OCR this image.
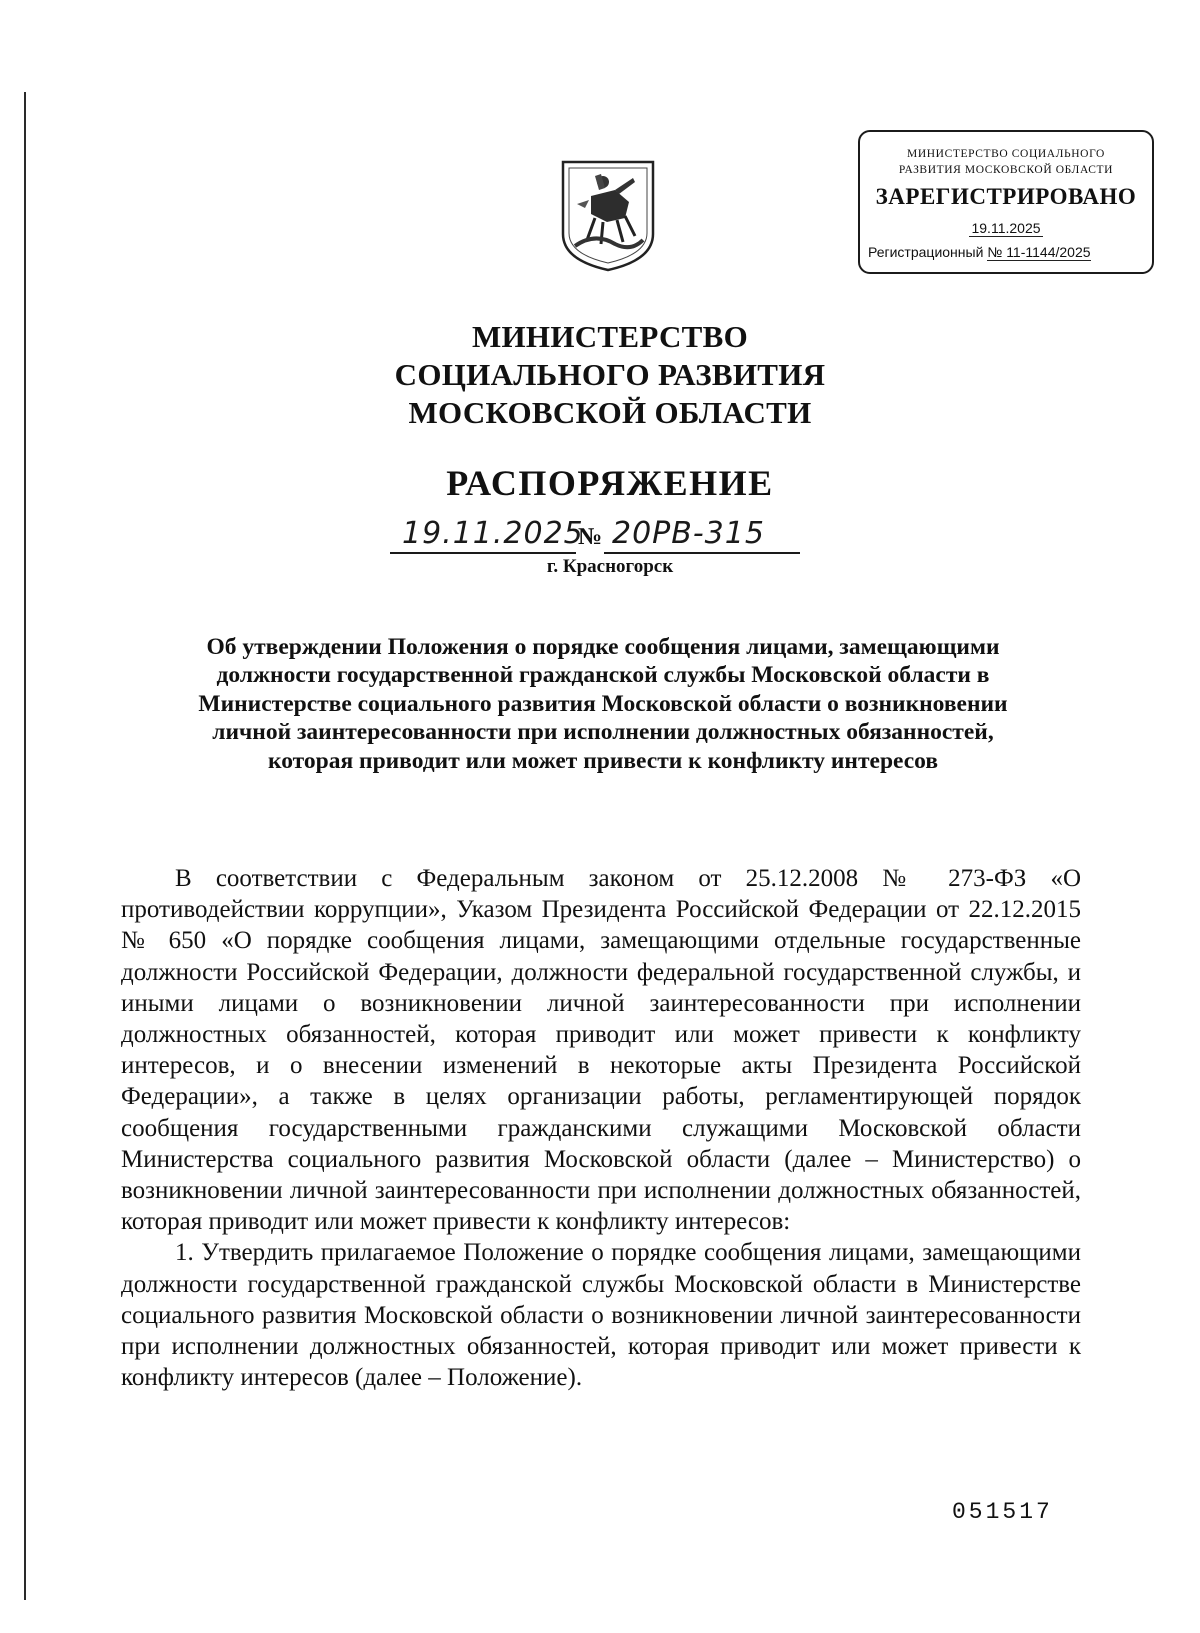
МИНИСТЕРСТВО СОЦИАЛЬНОГО
РАЗВИТИЯ МОСКОВСКОЙ ОБЛАСТИ
ЗАРЕГИСТРИРОВАНО
19.11.2025
Регистрационный № 11-1144/2025
МИНИСТЕРСТВО
СОЦИАЛЬНОГО РАЗВИТИЯ
МОСКОВСКОЙ ОБЛАСТИ
РАСПОРЯЖЕНИЕ
19.11.2025
№ 20РВ-315
г. Красногорск
Об утверждении Положения о порядке сообщения лицами, замещающими
должности государственной гражданской службы Московской области в
Министерстве социального развития Московской области о возникновении
личной заинтересованности при исполнении должностных обязанностей,
которая приводит или может привести к конфликту интересов

В соответствии с Федеральным законом от 25.12.2008 № 273-ФЗ «О противодействии коррупции», Указом Президента Российской Федерации от 22.12.2015 № 650 «О порядке сообщения лицами, замещающими отдельные государственные должности Российской Федерации, должности федеральной государственной службы, и иными лицами о возникновении личной заинтересованности при исполнении должностных обязанностей, которая приводит или может привести к конфликту интересов, и о внесении изменений в некоторые акты Президента Российской Федерации», а также в целях организации работы, регламентирующей порядок сообщения государственными гражданскими служащими Московской области Министерства социального развития Московской области (далее – Министерство) о возникновении личной заинтересованности при исполнении должностных обязанностей, которая приводит или может привести к конфликту интересов:

1. Утвердить прилагаемое Положение о порядке сообщения лицами, замещающими должности государственной гражданской службы Московской области в Министерстве социального развития Московской области о возникновении личной заинтересованности при исполнении должностных обязанностей, которая приводит или может привести к конфликту интересов (далее – Положение).

051517
